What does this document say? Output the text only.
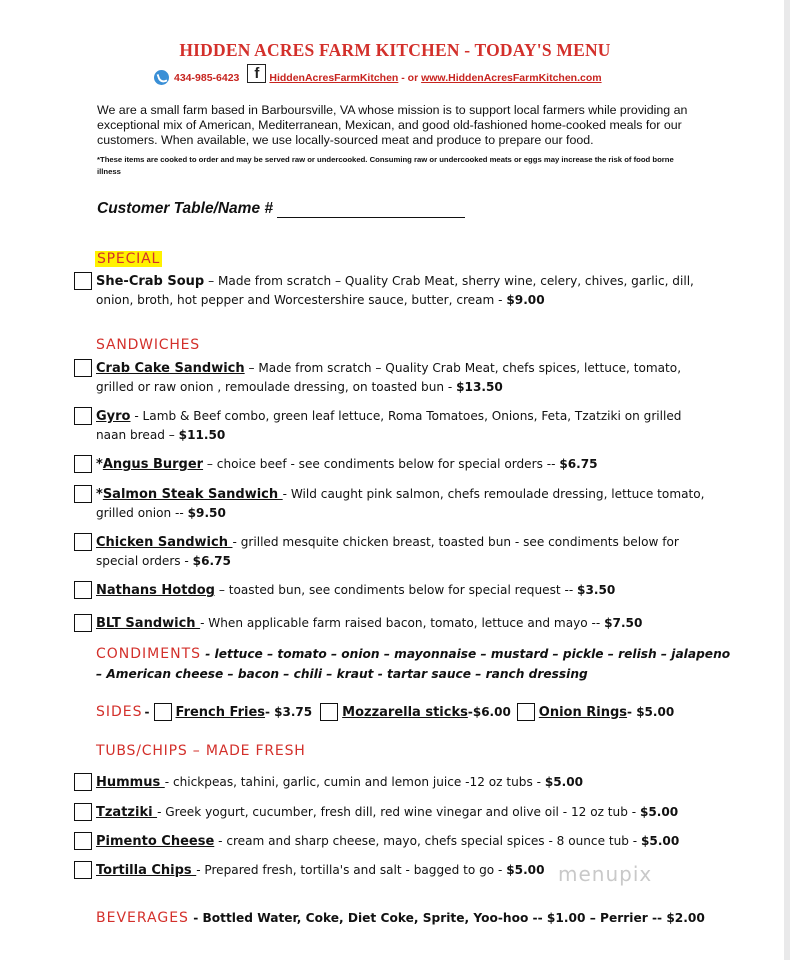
HIDDEN ACRES FARM KITCHEN - TODAY'S MENU
434-985-6423	f HiddenAcresFarmKitchen - or www.HiddenAcresFarmKitchen.com
We are a small farm based in Barboursville, VA whose mission is to support local farmers while providing an exceptional mix of American, Mediterranean, Mexican, and good old-fashioned home-cooked meals for our customers. When available, we use locally-sourced meat and produce to prepare our food.
*These items are cooked to order and may be served raw or undercooked. Consuming raw or undercooked meats or eggs may increase the risk of food borne illness
Customer Table/Name #
SPECIAL
She-Crab Soup – Made from scratch – Quality Crab Meat, sherry wine, celery, chives, garlic, dill, onion, broth, hot pepper and Worcestershire sauce, butter, cream - $9.00
SANDWICHES
Crab Cake Sandwich – Made from scratch – Quality Crab Meat, chefs spices, lettuce, tomato, grilled or raw onion , remoulade dressing, on toasted bun - $13.50
Gyro - Lamb & Beef combo, green leaf lettuce, Roma Tomatoes, Onions, Feta, Tzatziki on grilled naan bread – $11.50
*Angus Burger – choice beef - see condiments below for special orders -- $6.75
*Salmon Steak Sandwich - Wild caught pink salmon, chefs remoulade dressing, lettuce tomato, grilled onion -- $9.50
Chicken Sandwich - grilled mesquite chicken breast, toasted bun - see condiments below for special orders - $6.75
Nathans Hotdog – toasted bun, see condiments below for special request -- $3.50
BLT Sandwich - When applicable farm raised bacon, tomato, lettuce and mayo -- $7.50
CONDIMENTS - lettuce – tomato – onion – mayonnaise – mustard – pickle – relish – jalapeno – American cheese – bacon – chili – kraut - tartar sauce – ranch dressing
SIDES - French Fries - $3.75 Mozzarella sticks -$6.00 Onion Rings - $5.00
TUBS/CHIPS – MADE FRESH
Hummus - chickpeas, tahini, garlic, cumin and lemon juice -12 oz tubs - $5.00
Tzatziki - Greek yogurt, cucumber, fresh dill, red wine vinegar and olive oil - 12 oz tub - $5.00
Pimento Cheese - cream and sharp cheese, mayo, chefs special spices - 8 ounce tub - $5.00
Tortilla Chips - Prepared fresh, tortilla's and salt - bagged to go - $5.00 menupix
BEVERAGES - Bottled Water, Coke, Diet Coke, Sprite, Yoo-hoo -- $1.00 – Perrier -- $2.00
